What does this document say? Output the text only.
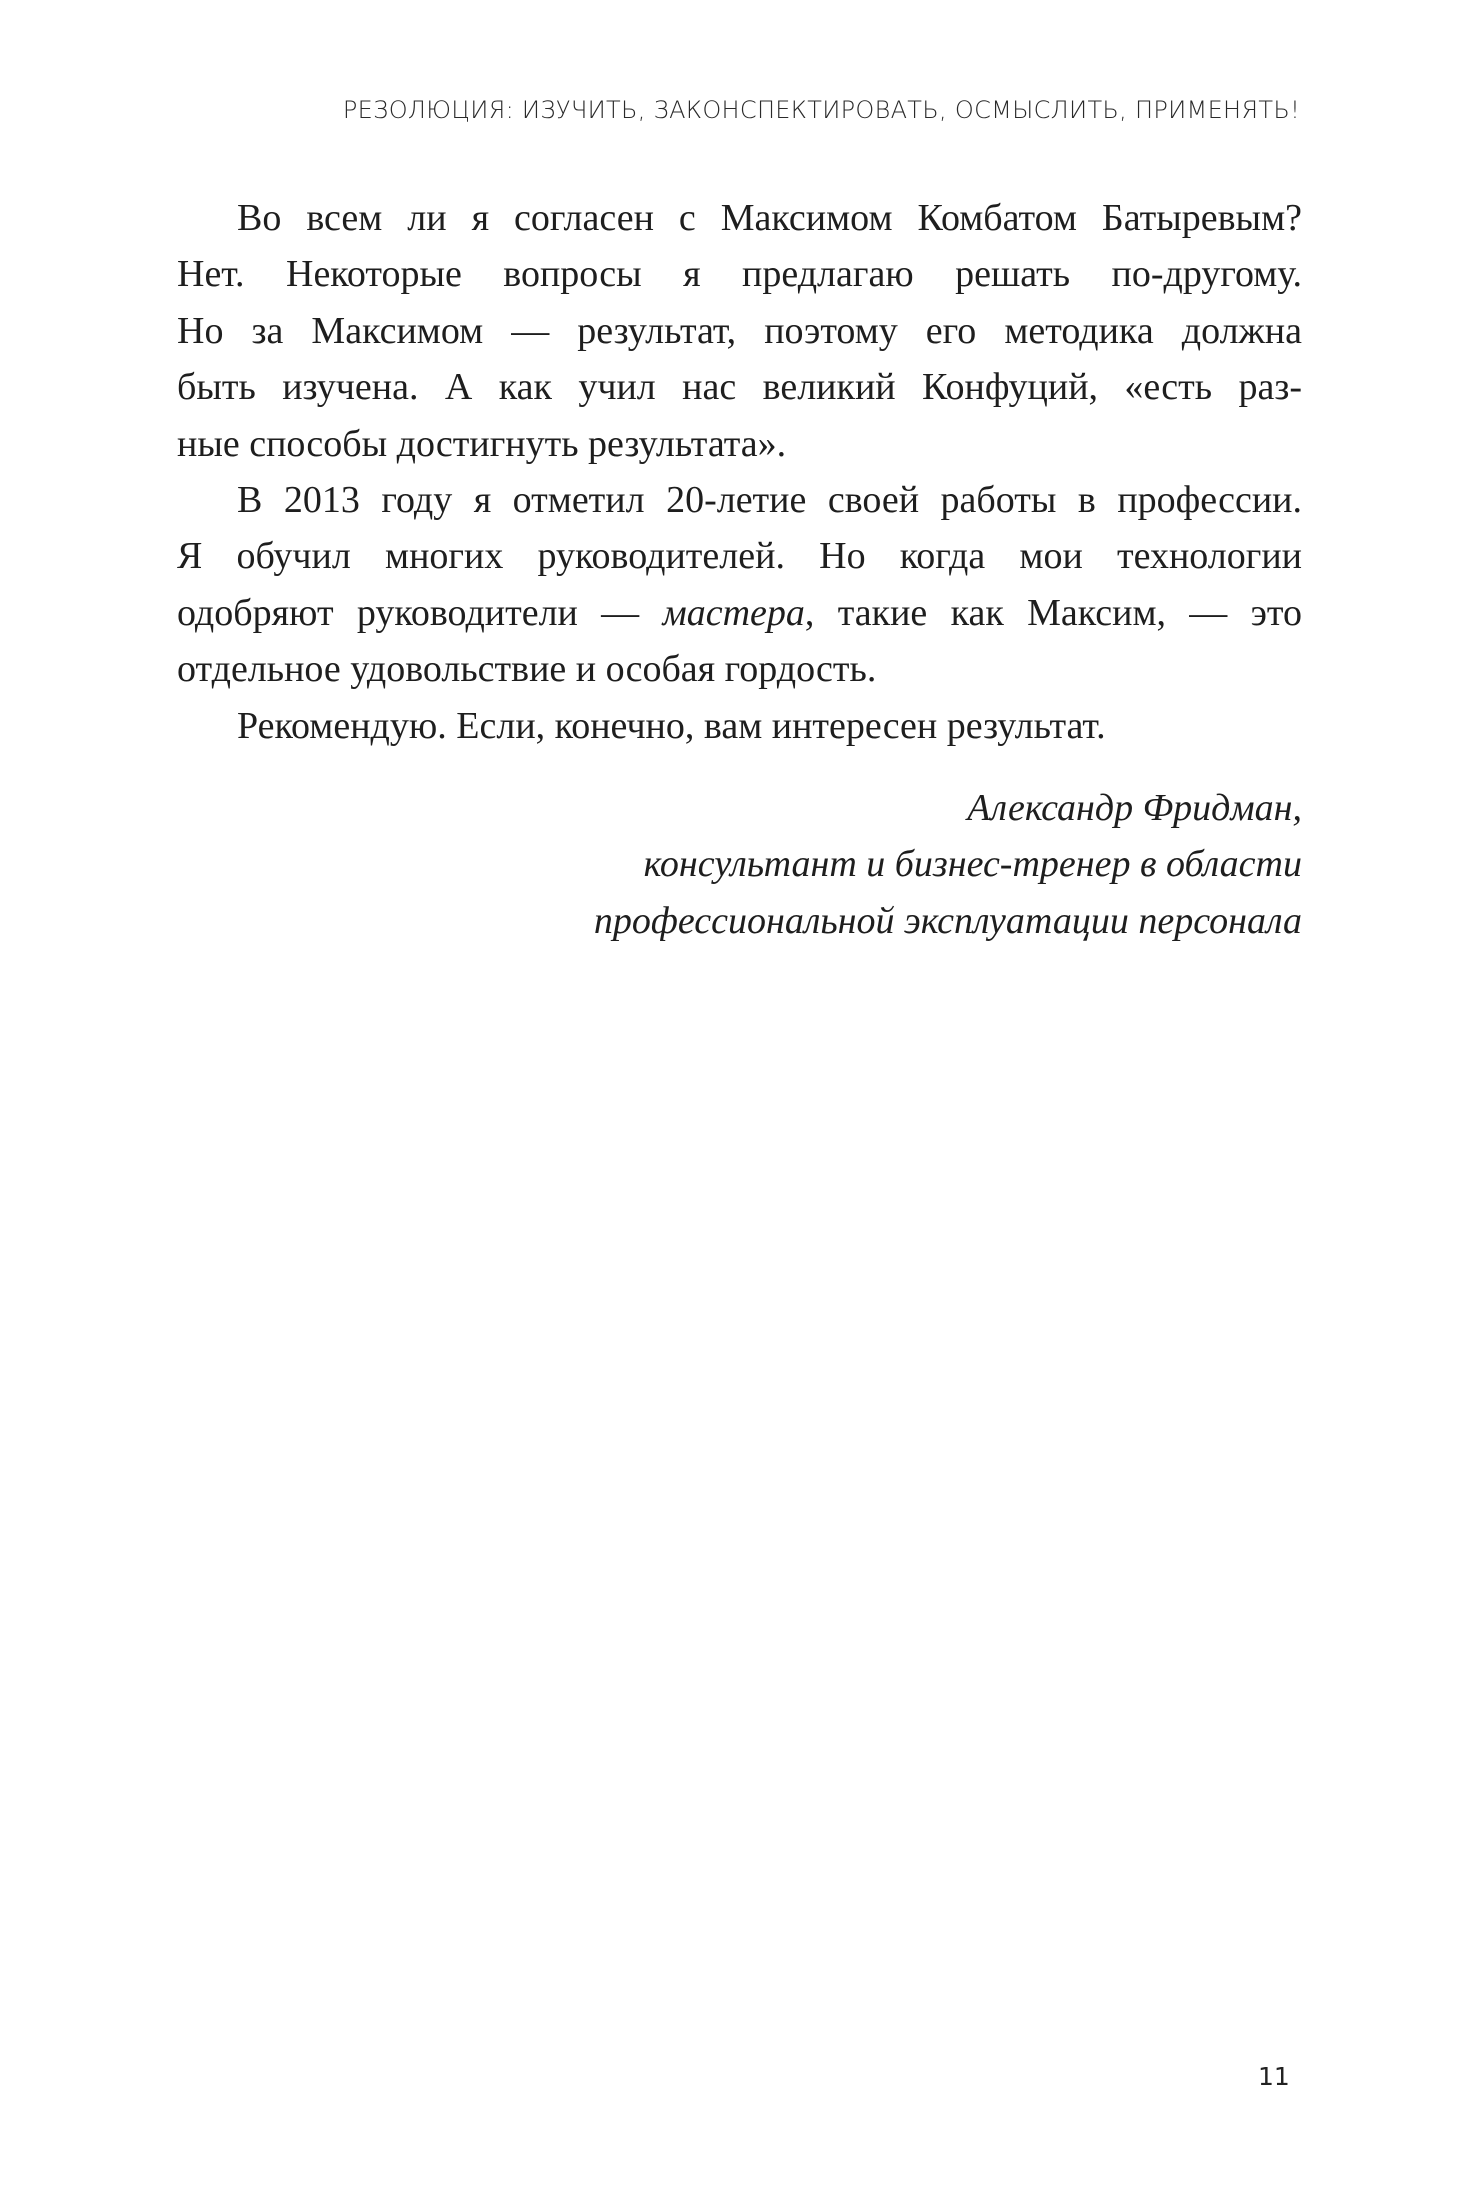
РЕЗОЛЮЦИЯ: ИЗУЧИТЬ, ЗАКОНСПЕКТИРОВАТЬ, ОСМЫСЛИТЬ, ПРИМЕНЯТЬ!
Во всем ли я согласен с Максимом Комбатом Батыревым?
Нет. Некоторые вопросы я предлагаю решать по-другому.
Но за Максимом — результат, поэтому его методика должна
быть изучена. А как учил нас великий Конфуций, «есть раз-
ные способы достигнуть результата».
В 2013 году я отметил 20-летие своей работы в профессии.
Я обучил многих руководителей. Но когда мои технологии
одобряют руководители — мастера, такие как Максим, — это
отдельное удовольствие и особая гордость.
Рекомендую. Если, конечно, вам интересен результат.
Александр Фридман,
консультант и бизнес-тренер в области
профессиональной эксплуатации персонала
11
